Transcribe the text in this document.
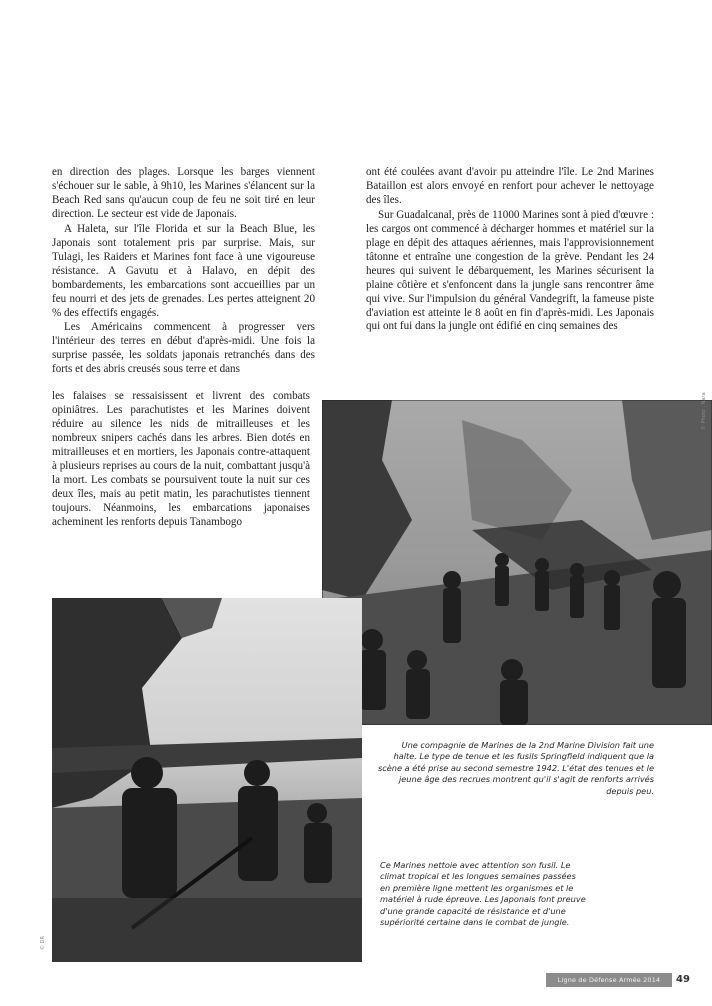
en direction des plages. Lorsque les barges viennent s'échouer sur le sable, à 9h10, les Marines s'élancent sur la Beach Red sans qu'aucun coup de feu ne soit tiré en leur direction. Le secteur est vide de Japonais.

A Haleta, sur l'île Florida et sur la Beach Blue, les Japonais sont totalement pris par surprise. Mais, sur Tulagi, les Raiders et Marines font face à une vigoureuse résistance. A Gavutu et à Halavo, en dépit des bombardements, les embarcations sont accueillies par un feu nourri et des jets de grenades. Les pertes atteignent 20 % des effectifs engagés.

Les Américains commencent à progresser vers l'intérieur des terres en début d'après-midi. Une fois la surprise passée, les soldats japonais retranchés dans des forts et des abris creusés sous terre et dans

les falaises se ressaisissent et livrent des combats opiniâtres. Les parachutistes et les Marines doivent réduire au silence les nids de mitrailleuses et les nombreux snipers cachés dans les arbres. Bien dotés en mitrailleuses et en mortiers, les Japonais contre-attaquent à plusieurs reprises au cours de la nuit, combattant jusqu'à la mort. Les combats se poursuivent toute la nuit sur ces deux îles, mais au petit matin, les parachutistes tiennent toujours. Néanmoins, les embarcations japonaises acheminent les renforts depuis Tanambogo

ont été coulées avant d'avoir pu atteindre l'île. Le 2nd Marines Bataillon est alors envoyé en renfort pour achever le nettoyage des îles.

Sur Guadalcanal, près de 11000 Marines sont à pied d'œuvre : les cargos ont commencé à décharger hommes et matériel sur la plage en dépit des attaques aériennes, mais l'approvisionnement tâtonne et entraîne une congestion de la grève. Pendant les 24 heures qui suivent le débarquement, les Marines sécurisent la plaine côtière et s'enfoncent dans la jungle sans rencontrer âme qui vive. Sur l'impulsion du général Vandegrift, la fameuse piste d'aviation est atteinte le 8 août en fin d'après-midi. Les Japonais qui ont fui dans la jungle ont édifié en cinq semaines des

Une compagnie de Marines de la 2nd Marine Division fait une halte. Le type de tenue et les fusils Springfield indiquent que la scène a été prise au second semestre 1942. L'état des tenues et le jeune âge des recrues montrent qu'il s'agit de renforts arrivés depuis peu.
Ce Marines nettoie avec attention son fusil. Le climat tropical et les longues semaines passées en première ligne mettent les organismes et le matériel à rude épreuve. Les Japonais font preuve d'une grande capacité de résistance et d'une supériorité certaine dans le combat de jungle.
© Photo : Nara
© DR
Ligne de Défense Armée 2014	49
